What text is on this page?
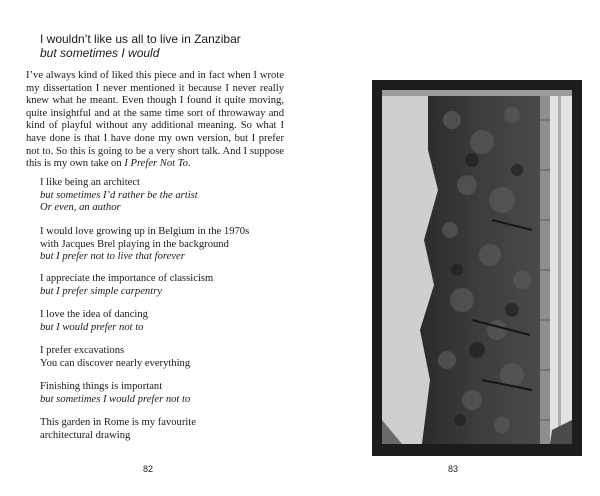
I wouldn’t like us all to live in Zanzibar
but sometimes I would
I’ve always kind of liked this piece and in fact when I wrote my dissertation I never mentioned it because I never really knew what he meant. Even though I found it quite moving, quite insightful and at the same time sort of throwaway and kind of playful without any additional meaning. So what I have done is that I have done my own version, but I prefer not to. So this is going to be a very short talk. And I suppose this is my own take on I Prefer Not To.
I like being an architect
but sometimes I’d rather be the artist
Or even, an author
I would love growing up in Belgium in the 1970s
with Jacques Brel playing in the background
but I prefer not to live that forever
I appreciate the importance of classicism
but I prefer simple carpentry
I love the idea of dancing
but I would prefer not to
I prefer excavations
You can discover nearly everything
Finishing things is important
but sometimes I would prefer not to
This garden in Rome is my favourite
architectural drawing
82	83
